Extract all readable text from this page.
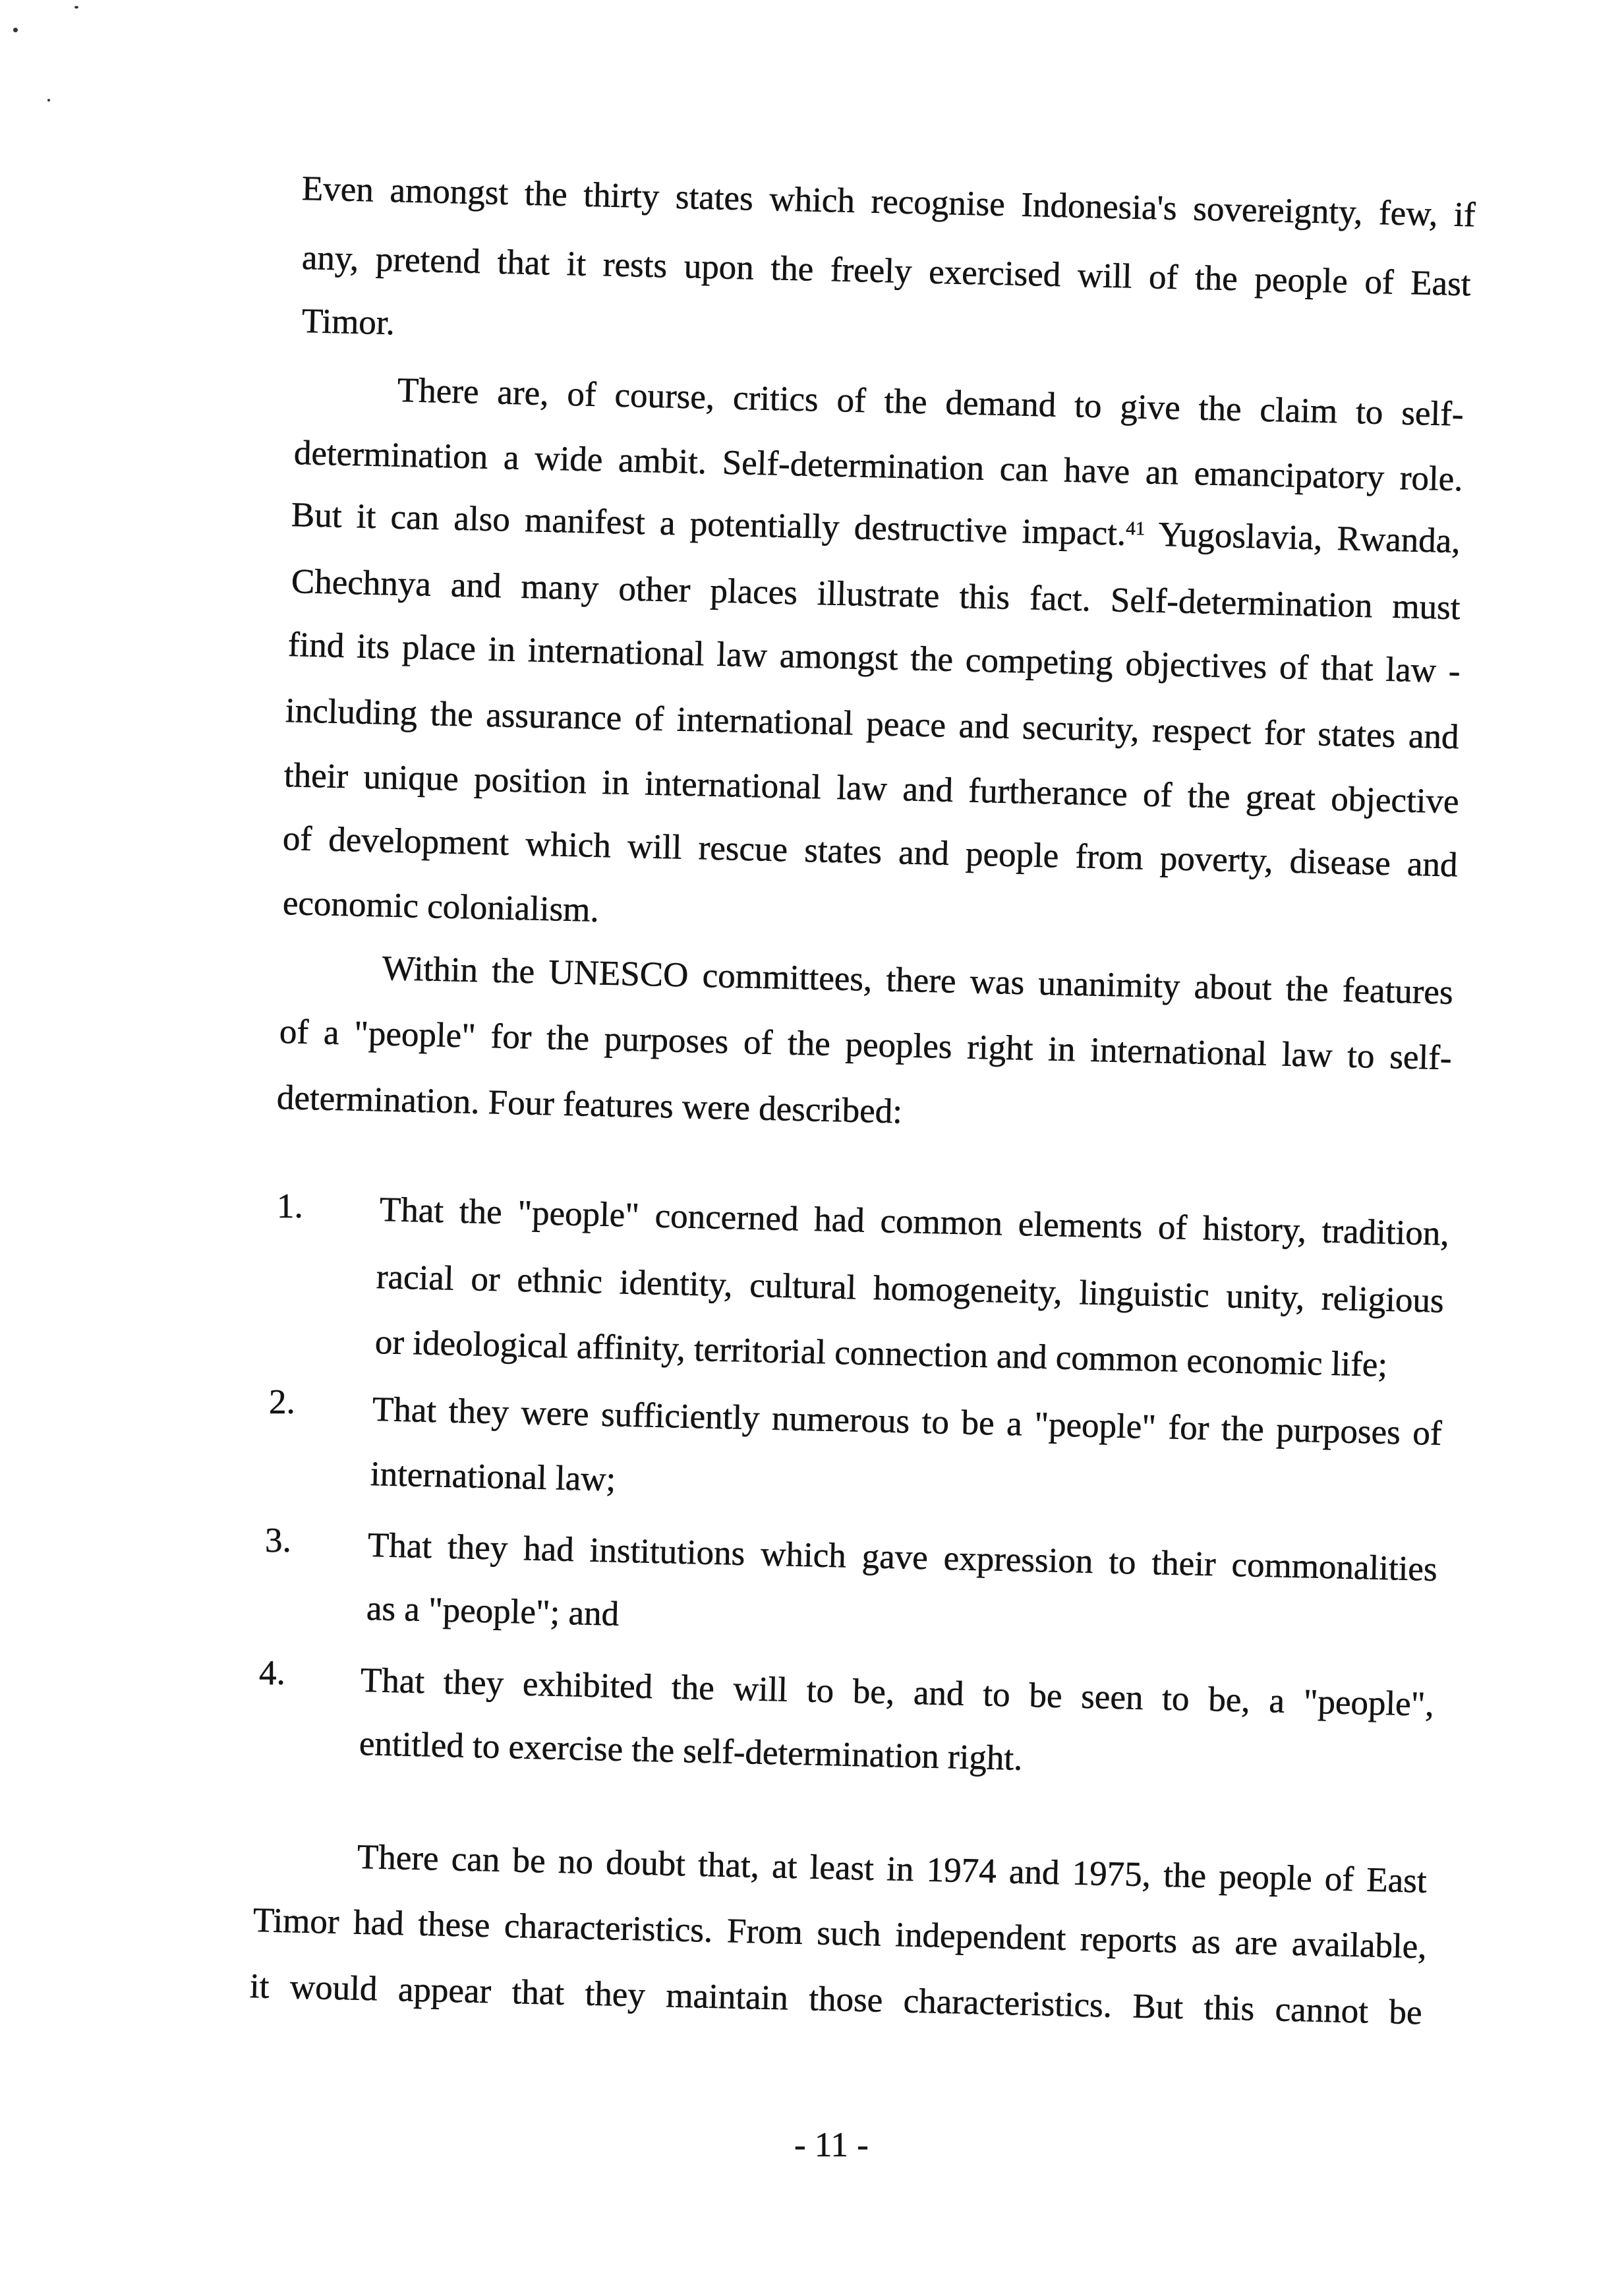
Even amongst the thirty states which recognise Indonesia's sovereignty, few, if
any, pretend that it rests upon the freely exercised will of the people of East
Timor.
There are, of course, critics of the demand to give the claim to self-
determination a wide ambit. Self-determination can have an emancipatory role.
But it can also manifest a potentially destructive impact.$^{41}$ Yugoslavia, Rwanda,
Chechnya and many other places illustrate this fact. Self-determination must
find its place in international law amongst the competing objectives of that law -
including the assurance of international peace and security, respect for states and
their unique position in international law and furtherance of the great objective
of development which will rescue states and people from poverty, disease and
economic colonialism.
Within the UNESCO committees, there was unanimity about the features
of a "people" for the purposes of the peoples right in international law to self-
determination. Four features were described:
1. That the "people" concerned had common elements of history, tradition,
racial or ethnic identity, cultural homogeneity, linguistic unity, religious
or ideological affinity, territorial connection and common economic life;
2. That they were sufficiently numerous to be a "people" for the purposes of
international law;
3. That they had institutions which gave expression to their commonalities
as a "people"; and
4. That they exhibited the will to be, and to be seen to be, a "people",
entitled to exercise the self-determination right.
There can be no doubt that, at least in 1974 and 1975, the people of East
Timor had these characteristics. From such independent reports as are available,
it would appear that they maintain those characteristics. But this cannot be
- 11 -
